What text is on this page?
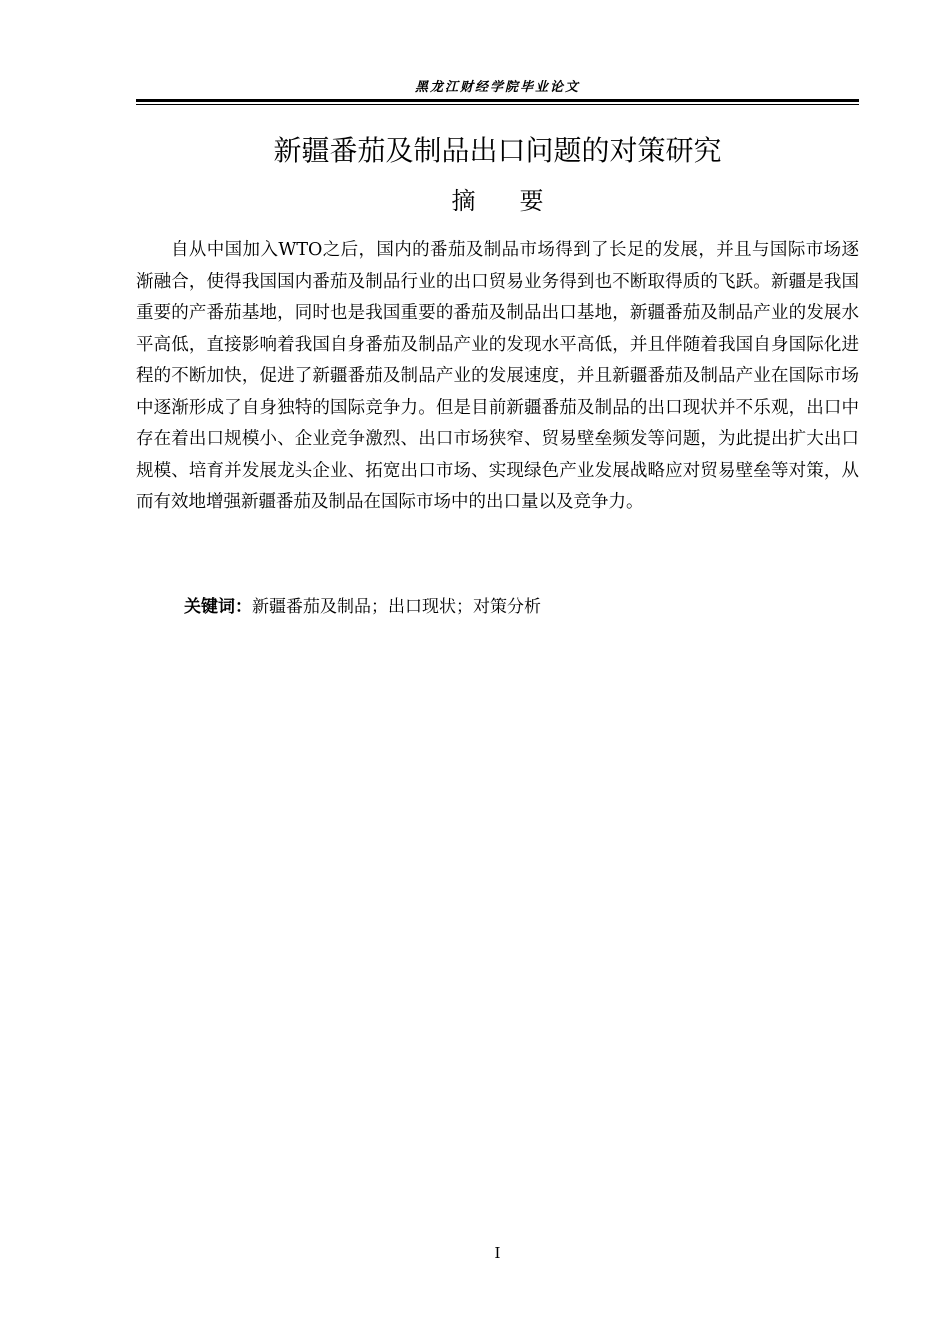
黑龙江财经学院毕业论文
新疆番茄及制品出口问题的对策研究
摘 要

自从中国加入WTO之后，国内的番茄及制品市场得到了长足的发展，并且与国际市场逐渐融合，使得我国国内番茄及制品行业的出口贸易业务得到也不断取得质的飞跃。新疆是我国重要的产番茄基地，同时也是我国重要的番茄及制品出口基地，新疆番茄及制品产业的发展水平高低，直接影响着我国自身番茄及制品产业的发现水平高低，并且伴随着我国自身国际化进程的不断加快，促进了新疆番茄及制品产业的发展速度，并且新疆番茄及制品产业在国际市场中逐渐形成了自身独特的国际竞争力。但是目前新疆番茄及制品的出口现状并不乐观，出口中存在着出口规模小、企业竞争激烈、出口市场狭窄、贸易壁垒频发等问题，为此提出扩大出口规模、培育并发展龙头企业、拓宽出口市场、实现绿色产业发展战略应对贸易壁垒等对策，从而有效地增强新疆番茄及制品在国际市场中的出口量以及竞争力。

关键词：新疆番茄及制品；出口现状；对策分析
I
